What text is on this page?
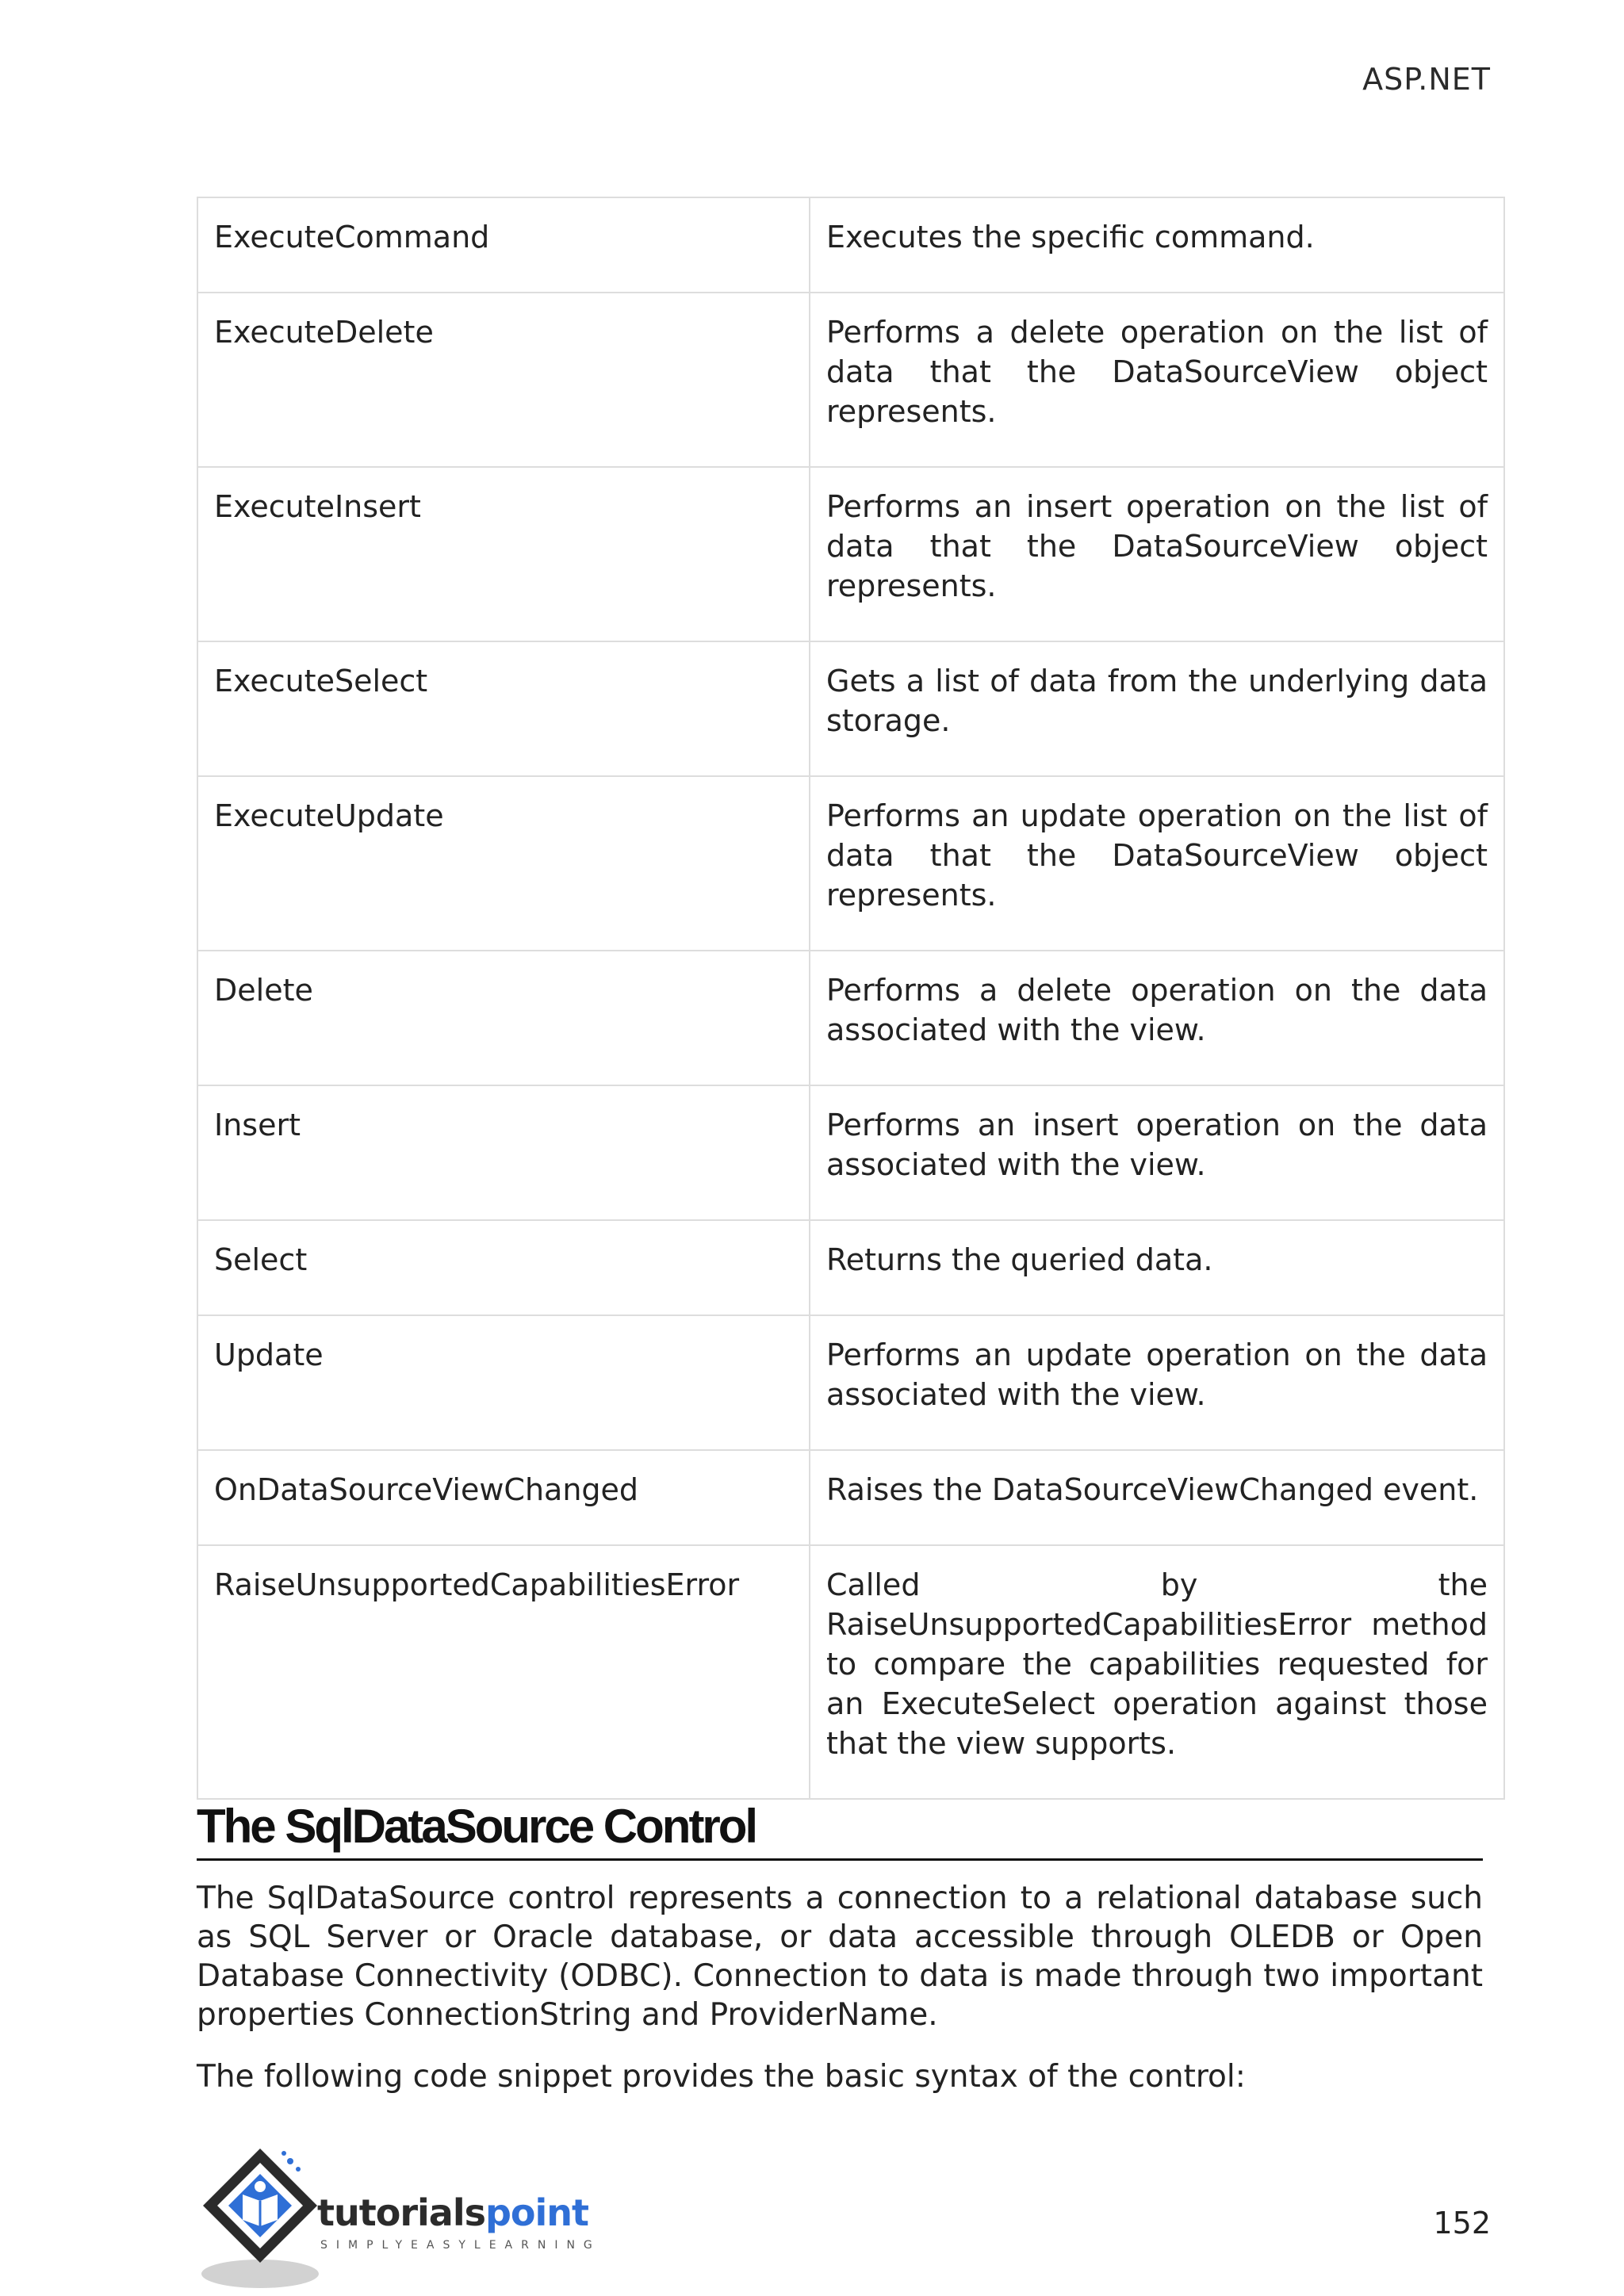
ASP.NET
ExecuteCommand	Executes the specific command.
ExecuteDelete	Performs a delete operation on the list of data that the DataSourceView object represents.
ExecuteInsert	Performs an insert operation on the list of data that the DataSourceView object represents.
ExecuteSelect	Gets a list of data from the underlying data storage.
ExecuteUpdate	Performs an update operation on the list of data that the DataSourceView object represents.
Delete	Performs a delete operation on the data associated with the view.
Insert	Performs an insert operation on the data associated with the view.
Select	Returns the queried data.
Update	Performs an update operation on the data associated with the view.
OnDataSourceViewChanged	Raises the DataSourceViewChanged event.
RaiseUnsupportedCapabilitiesError	Called by the RaiseUnsupportedCapabilitiesError method to compare the capabilities requested for an ExecuteSelect operation against those that the view supports.
The SqlDataSource Control

The SqlDataSource control represents a connection to a relational database such as SQL Server or Oracle database, or data accessible through OLEDB or Open Database Connectivity (ODBC). Connection to data is made through two important properties ConnectionString and ProviderName.

The following code snippet provides the basic syntax of the control:

tutorialspoint
SIMPLYEASYLEARNING
152
